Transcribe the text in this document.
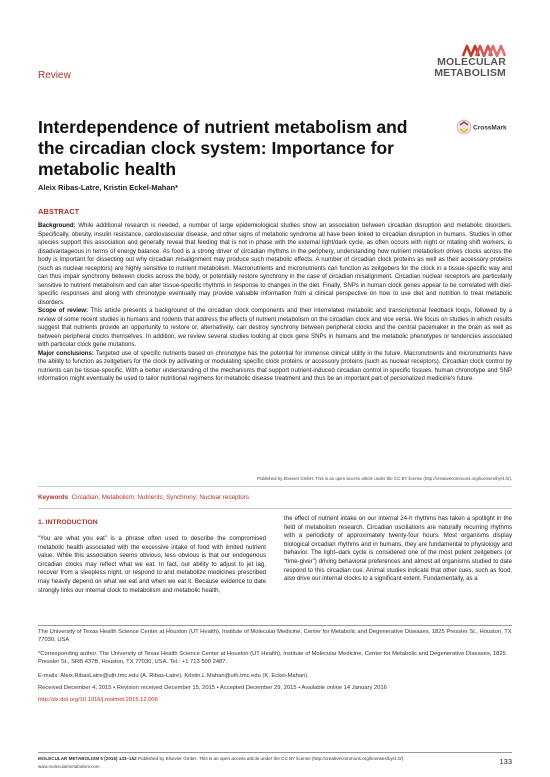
Review
MOLECULAR
METABOLISM
Interdependence of nutrient metabolism and the circadian clock system: Importance for metabolic health
CrossMark
Aleix Ribas-Latre, Kristin Eckel-Mahan*
ABSTRACT

Background: While additional research is needed, a number of large epidemiological studies show an association between circadian disruption and metabolic disorders. Specifically, obesity, insulin resistance, cardiovascular disease, and other signs of metabolic syndrome all have been linked to circadian disruption in humans. Studies in other species support this association and generally reveal that feeding that is not in phase with the external light/dark cycle, as often occurs with night or rotating shift workers, is disadvantageous in terms of energy balance. As food is a strong driver of circadian rhythms in the periphery, understanding how nutrient metabolism drives clocks across the body is important for dissecting out why circadian misalignment may produce such metabolic effects. A number of circadian clock proteins as well as their accessory proteins (such as nuclear receptors) are highly sensitive to nutrient metabolism. Macronutrients and micronutrients can function as zeitgebers for the clock in a tissue-specific way and can thus impair synchrony between clocks across the body, or potentially restore synchrony in the case of circadian misalignment. Circadian nuclear receptors are particularly sensitive to nutrient metabolism and can alter tissue-specific rhythms in response to changes in the diet. Finally, SNPs in human clock genes appear to be correlated with diet-specific responses and along with chronotype eventually may provide valuable information from a clinical perspective on how to use diet and nutrition to treat metabolic disorders.

Scope of review: This article presents a background of the circadian clock components and their interrelated metabolic and transcriptional feedback loops, followed by a review of some recent studies in humans and rodents that address the effects of nutrient metabolism on the circadian clock and vice versa. We focus on studies in which results suggest that nutrients provide an opportunity to restore or, alternatively, can destroy synchrony between peripheral clocks and the central pacemaker in the brain as well as between peripheral clocks themselves. In addition, we review several studies looking at clock gene SNPs in humans and the metabolic phenotypes or tendencies associated with particular clock gene mutations.

Major conclusions: Targeted use of specific nutrients based on chronotype has the potential for immense clinical utility in the future. Macronutrients and micronutrients have the ability to function as zeitgebers for the clock by activating or modulating specific clock proteins or accessory proteins (such as nuclear receptors). Circadian clock control by nutrients can be tissue-specific. With a better understanding of the mechanisms that support nutrient-induced circadian control in specific tissues, human chronotype and SNP information might eventually be used to tailor nutritional regimens for metabolic disease treatment and thus be an important part of personalized medicine's future.

Published by Elsevier GmbH. This is an open access article under the CC BY license (http://creativecommons.org/licenses/by/4.0/).
Keywords Circadian; Metabolism; Nutrients; Synchrony; Nuclear receptors
1. INTRODUCTION
“You are what you eat” is a phrase often used to describe the compromised metabolic health associated with the excessive intake of food with limited nutrient value. While this association seems obvious, less obvious is that our endogenous circadian clocks may reflect what we eat. In fact, our ability to adjust to jet lag, recover from a sleepless night, or respond to and metabolize medicines prescribed may heavily depend on what we eat and when we eat it. Because evidence to date strongly links our internal clock to metabolism and metabolic health,
the effect of nutrient intake on our internal 24-h rhythms has taken a spotlight in the field of metabolism research. Circadian oscillations are naturally recurring rhythms with a periodicity of approximately twenty-four hours. Most organisms display biological circadian rhythms and in humans, they are fundamental to physiology and behavior. The light–dark cycle is considered one of the most potent zeitgebers (or “time-giver”) driving behavioral preferences and almost all organisms studied to date respond to this circadian cue. Animal studies indicate that other cues, such as food, also drive our internal clocks to a significant extent. Fundamentally, as a
The University of Texas Health Science Center at Houston (UT Health), Institute of Molecular Medicine, Center for Metabolic and Degenerative Diseases, 1825 Pressler St., Houston, TX 77030, USA
*Corresponding author. The University of Texas Health Science Center at Houston (UT Health), Institute of Molecular Medicine, Center for Metabolic and Degenerative Diseases, 1825 Pressler St., SRB 437B, Houston, TX 77030, USA. Tel.: +1 713 500 2487.
E-mails: Aleix.RibasLatre@uth.tmc.edu (A. Ribas-Latre), Kristin.L.Mahan@uth.tmc.edu (K. Eckel-Mahan).
Received December 4, 2015 • Revision received December 15, 2015 • Accepted December 29, 2015 • Available online 14 January 2016
http://dx.doi.org/10.1016/j.molmet.2015.12.006
MOLECULAR METABOLISM 5 (2016) 133–152 Published by Elsevier GmbH. This is an open access article under the CC BY license (http://creativecommons.org/licenses/by/4.0/).	133
www.molecularmetabolism.com
